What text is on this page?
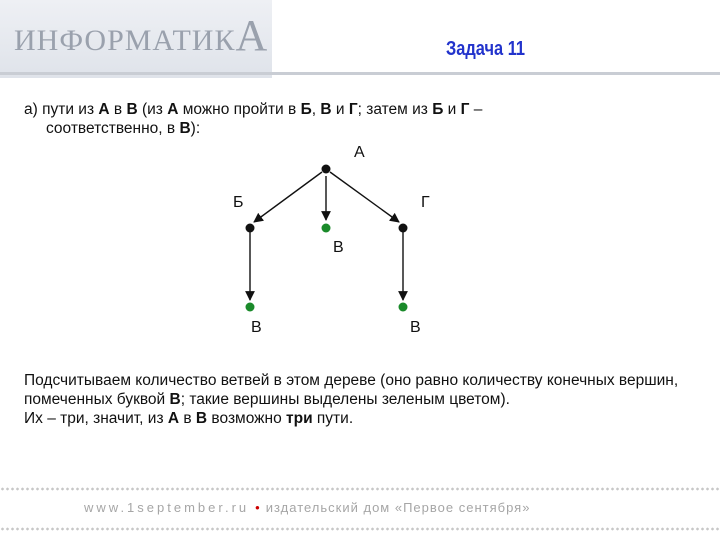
ИНФОРМАТИКА	Задача 11
а) пути из А в В (из А можно пройти в Б, В и Г; затем из Б и Г –
соответственно, в В):
А
Б	Г
В
В	В
Подсчитываем количество ветвей в этом дереве (оно равно количеству конечных вершин, помеченных буквой В; такие вершины выделены зеленым цветом).
Их – три, значит, из А в В возможно три пути.
www.1september.ru • издательский дом «Первое сентября»
